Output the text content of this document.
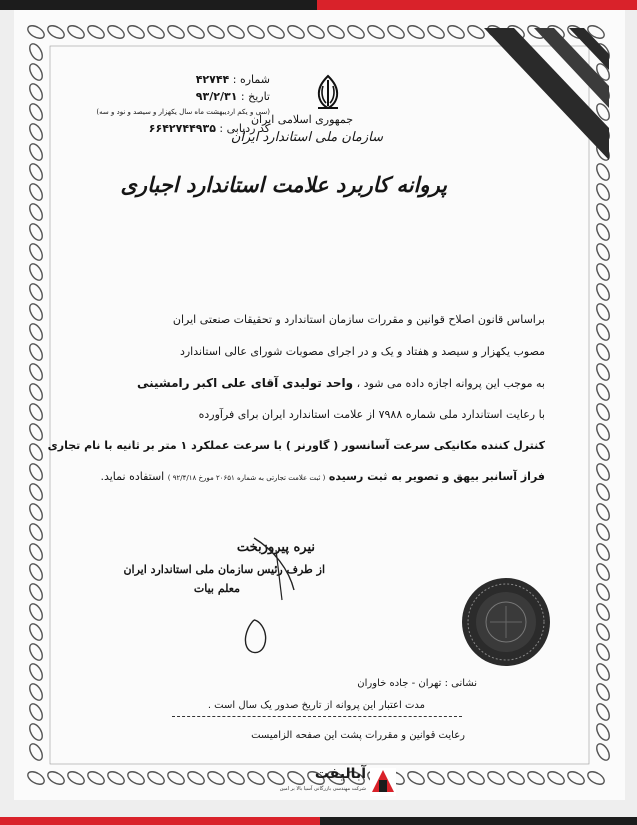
شماره : ۴۲۷۴۴
تاریخ : ۹۳/۲/۳۱
(سی و یکم اردیبهشت ماه سال یکهزار و سیصد و نود و سه)
کد ردیابی : ۶۶۴۲۷۴۴۹۳۵
جمهوری اسلامی ایران
سازمان ملی استاندارد ایران
پروانه کاربرد علامت استاندارد اجباری
براساس قانون اصلاح قوانین و مقررات سازمان استاندارد و تحقیقات صنعتی ایران
مصوب یکهزار و سیصد و هفتاد و یک و در اجرای مصوبات شورای عالی استاندارد
به موجب این پروانه اجازه داده می شود ، واحد تولیدی آقای علی اکبر رامشینی
با رعایت استاندارد ملی شماره ۷۹۸۸ از علامت استاندارد ایران برای فرآورده
کنترل کننده مکانیکی سرعت آسانسور ( گاورنر ) با سرعت عملکرد ۱ متر بر ثانیه با نام تجاری
فراز آسانبر بیهق و تصویر به ثبت رسیده ( ثبت علامت تجارتی به شماره ۲۰۶۵۱ مورخ ۹۲/۴/۱۸ ) استفاده نماید.
نیره پیروزبخت
از طرف رئیس سازمان ملی استاندارد ایران
معلم بیات
نشانی : تهران - جاده خاوران
مدت اعتبار این پروانه از تاریخ صدور یک سال است .
رعایت قوانین و مقررات پشت این صفحه الزامیست
آبالیفت
شرکت مهندسی بازرگانی آسیا بالا بر امین
